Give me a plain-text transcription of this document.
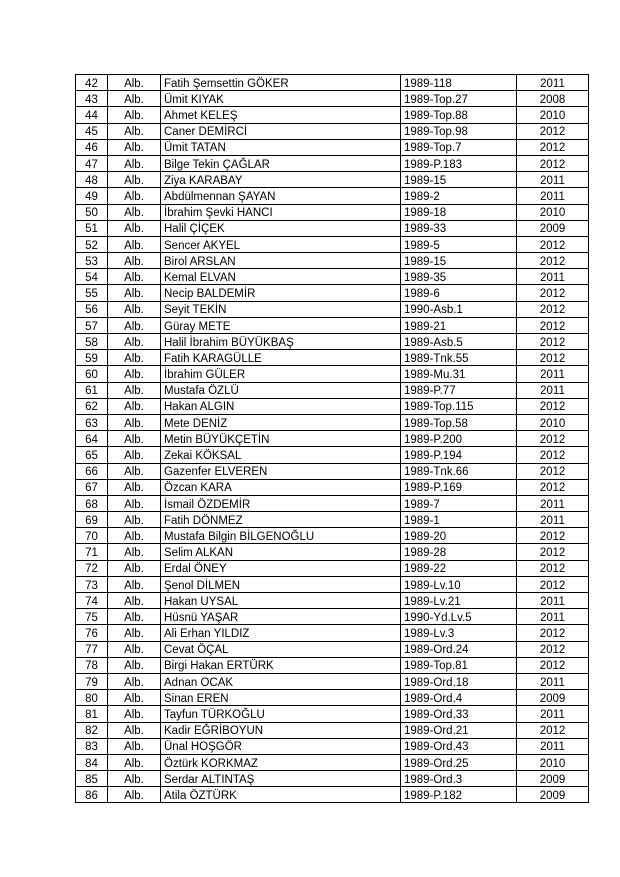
42	Alb.	Fatih Şemsettin GÖKER	1989-118	2011
43	Alb.	Ümit KIYAK	1989-Top.27	2008
44	Alb.	Ahmet KELEŞ	1989-Top.88	2010
45	Alb.	Caner DEMİRCİ	1989-Top.98	2012
46	Alb.	Ümit TATAN	1989-Top.7	2012
47	Alb.	Bilge Tekin ÇAĞLAR	1989-P.183	2012
48	Alb.	Ziya KARABAY	1989-15	2011
49	Alb.	Abdülmennan ŞAYAN	1989-2	2011
50	Alb.	İbrahim Şevki HANCI	1989-18	2010
51	Alb.	Halil ÇİÇEK	1989-33	2009
52	Alb.	Sencer AKYEL	1989-5	2012
53	Alb.	Birol ARSLAN	1989-15	2012
54	Alb.	Kemal ELVAN	1989-35	2011
55	Alb.	Necip BALDEMİR	1989-6	2012
56	Alb.	Seyit TEKİN	1990-Asb.1	2012
57	Alb.	Güray METE	1989-21	2012
58	Alb.	Halil İbrahim BÜYÜKBAŞ	1989-Asb.5	2012
59	Alb.	Fatih KARAGÜLLE	1989-Tnk.55	2012
60	Alb.	İbrahim GÜLER	1989-Mu.31	2011
61	Alb.	Mustafa ÖZLÜ	1989-P.77	2011
62	Alb.	Hakan ALGIN	1989-Top.115	2012
63	Alb.	Mete DENİZ	1989-Top.58	2010
64	Alb.	Metin BÜYÜKÇETİN	1989-P.200	2012
65	Alb.	Zekai KÖKSAL	1989-P.194	2012
66	Alb.	Gazenfer ELVEREN	1989-Tnk.66	2012
67	Alb.	Özcan KARA	1989-P.169	2012
68	Alb.	İsmail ÖZDEMİR	1989-7	2011
69	Alb.	Fatih DÖNMEZ	1989-1	2011
70	Alb.	Mustafa Bilgin BİLGENOĞLU	1989-20	2012
71	Alb.	Selim ALKAN	1989-28	2012
72	Alb.	Erdal ÖNEY	1989-22	2012
73	Alb.	Şenol DİLMEN	1989-Lv.10	2012
74	Alb.	Hakan UYSAL	1989-Lv.21	2011
75	Alb.	Hüsnü YAŞAR	1990-Yd.Lv.5	2011
76	Alb.	Ali Erhan YILDIZ	1989-Lv.3	2012
77	Alb.	Cevat ÖÇAL	1989-Ord.24	2012
78	Alb.	Birgi Hakan ERTÜRK	1989-Top.81	2012
79	Alb.	Adnan OCAK	1989-Ord.18	2011
80	Alb.	Sinan EREN	1989-Ord.4	2009
81	Alb.	Tayfun TÜRKOĞLU	1989-Ord.33	2011
82	Alb.	Kadir EĞRİBOYUN	1989-Ord.21	2012
83	Alb.	Ünal HOŞGÖR	1989-Ord.43	2011
84	Alb.	Öztürk KORKMAZ	1989-Ord.25	2010
85	Alb.	Serdar ALTINTAŞ	1989-Ord.3	2009
86	Alb.	Atila ÖZTÜRK	1989-P.182	2009
